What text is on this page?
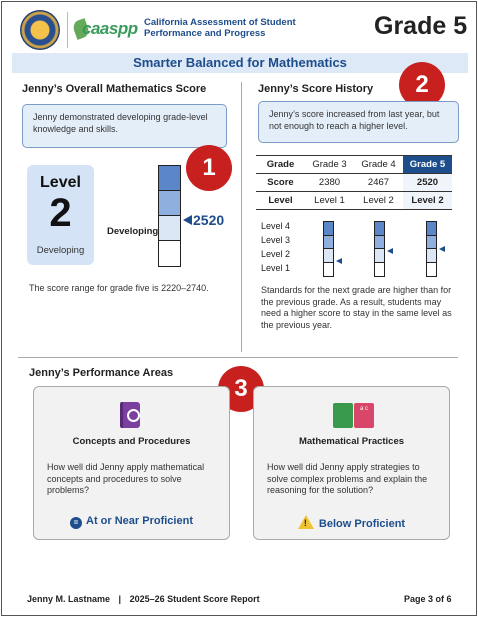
caaspp California Assessment of Student Performance and Progress	Grade 5
Smarter Balanced for Mathematics
Jenny’s Overall Mathematics Score
Jenny demonstrated developing grade-level knowledge and skills.
1
Level
2
Developing
Developing
2520
The score range for grade five is 2220–2740.
Jenny’s Score History	2
Jenny’s score increased from last year, but not enough to reach a higher level.
Grade	Grade 3	Grade 4	Grade 5
Score	2380	2467	2520
Level	Level 1	Level 2	Level 2
Level 4
Level 3
Level 2
Level 1
Standards for the next grade are higher than for the previous grade. As a result, students may need a higher score to stay in the same level as the previous year.
Jenny’s Performance Areas
3
Concepts and Procedures
How well did Jenny apply mathematical concepts and procedures to solve problems?
= At or Near Proficient
a c
Mathematical Practices
How well did Jenny apply strategies to solve complex problems and explain the reasoning for the solution?
! Below Proficient
Jenny M. Lastname | 2025–26 Student Score Report	Page 3 of 6
